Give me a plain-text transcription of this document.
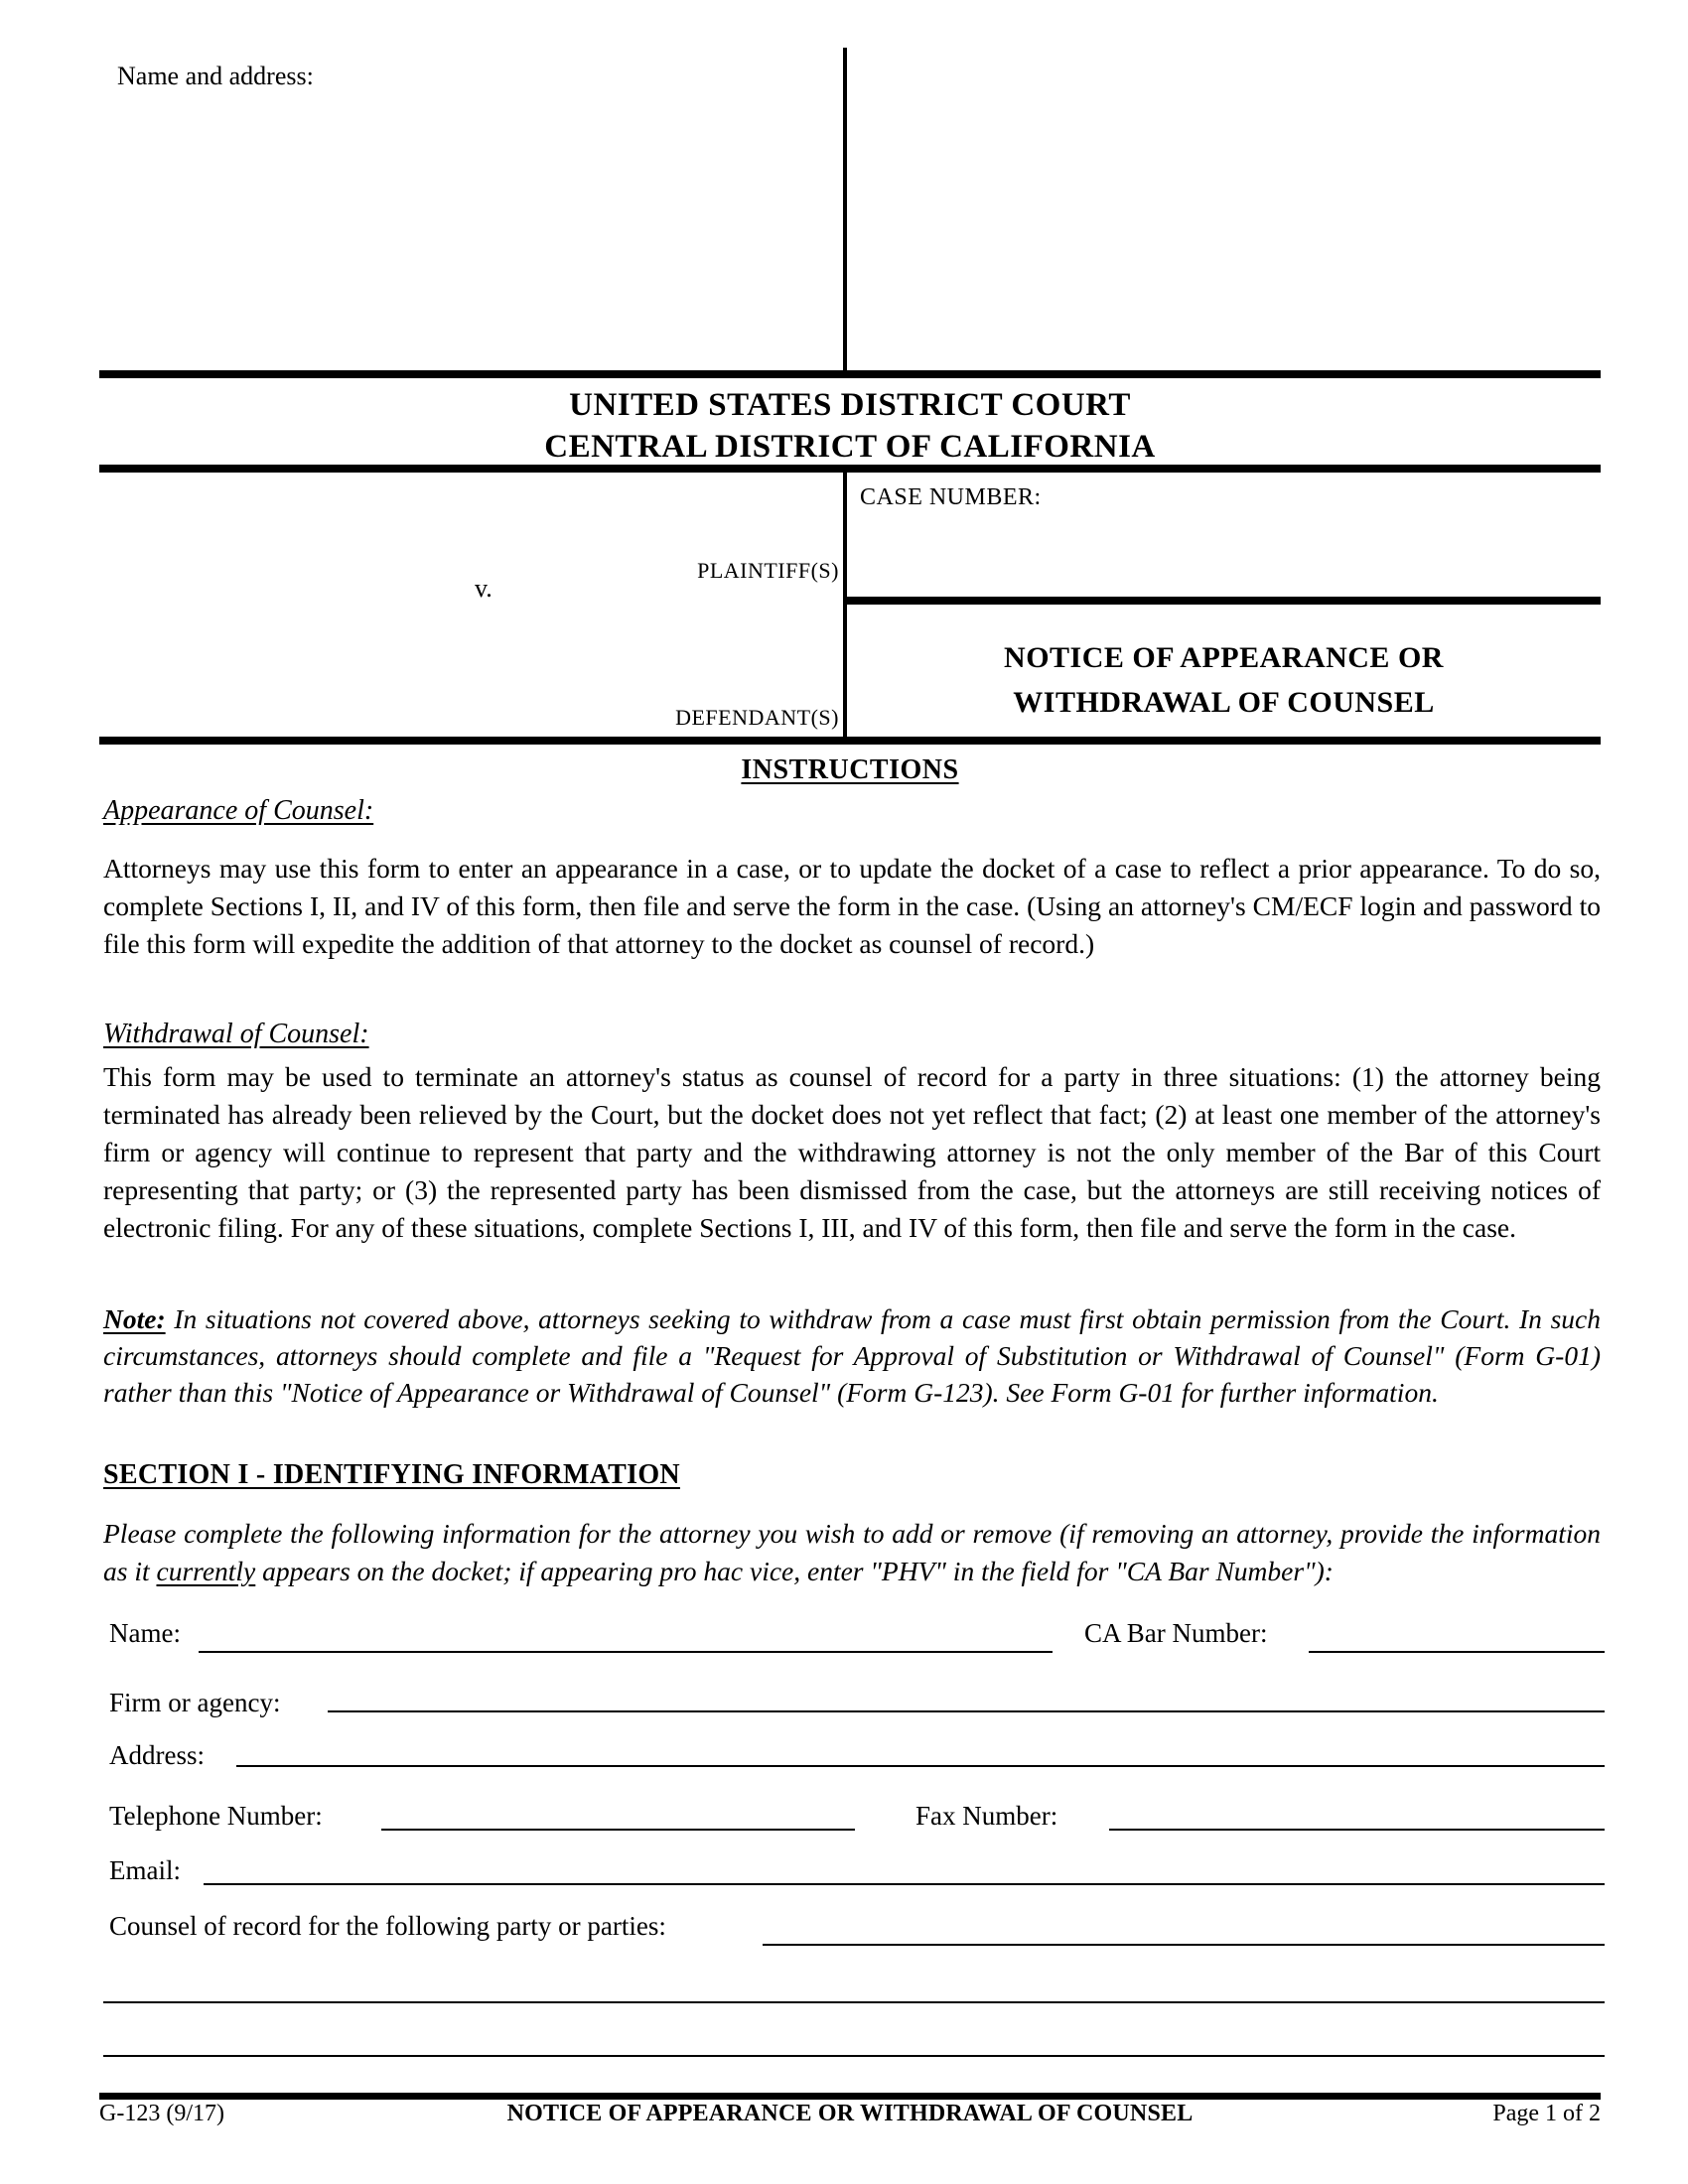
Name and address:
UNITED STATES DISTRICT COURT
CENTRAL DISTRICT OF CALIFORNIA
PLAINTIFF(S)
v.
DEFENDANT(S)
CASE NUMBER:
NOTICE OF APPEARANCE OR
WITHDRAWAL OF COUNSEL
INSTRUCTIONS
Appearance of Counsel:
Attorneys may use this form to enter an appearance in a case, or to update the docket of a case to reflect a prior appearance. To do so, complete Sections I, II, and IV of this form, then file and serve the form in the case. (Using an attorney's CM/ECF login and password to file this form will expedite the addition of that attorney to the docket as counsel of record.)
Withdrawal of Counsel:
This form may be used to terminate an attorney's status as counsel of record for a party in three situations: (1) the attorney being terminated has already been relieved by the Court, but the docket does not yet reflect that fact; (2) at least one member of the attorney's firm or agency will continue to represent that party and the withdrawing attorney is not the only member of the Bar of this Court representing that party; or (3) the represented party has been dismissed from the case, but the attorneys are still receiving notices of electronic filing. For any of these situations, complete Sections I, III, and IV of this form, then file and serve the form in the case.
Note: In situations not covered above, attorneys seeking to withdraw from a case must first obtain permission from the Court. In such circumstances, attorneys should complete and file a "Request for Approval of Substitution or Withdrawal of Counsel" (Form G-01) rather than this "Notice of Appearance or Withdrawal of Counsel" (Form G-123). See Form G-01 for further information.
SECTION I - IDENTIFYING INFORMATION
Please complete the following information for the attorney you wish to add or remove (if removing an attorney, provide the information as it currently appears on the docket; if appearing pro hac vice, enter "PHV" in the field for "CA Bar Number"):
Name:	CA Bar Number:
Firm or agency:
Address:
Telephone Number:	Fax Number:
Email:
Counsel of record for the following party or parties:
G-123 (9/17)	NOTICE OF APPEARANCE OR WITHDRAWAL OF COUNSEL	Page 1 of 2
